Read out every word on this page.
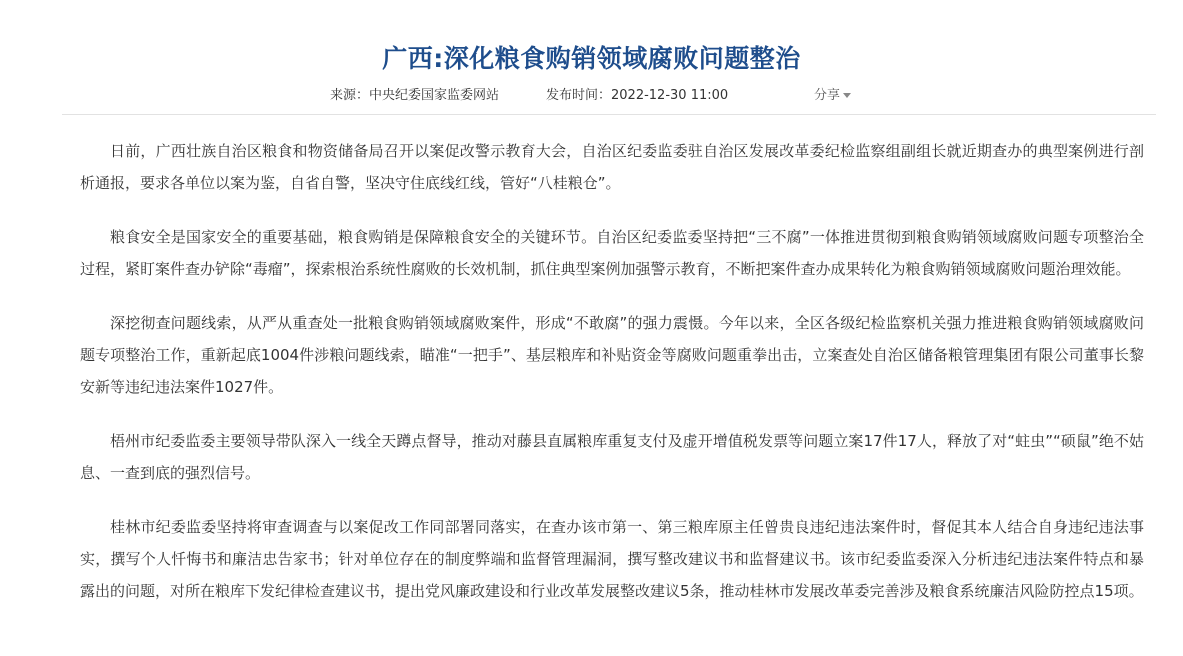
广西:深化粮食购销领域腐败问题整治
来源：中央纪委国家监委网站	发布时间：2022-12-30 11:00	分享

日前，广西壮族自治区粮食和物资储备局召开以案促改警示教育大会，自治区纪委监委驻自治区发展改革委纪检监察组副组长就近期查办的典型案例进行剖析通报，要求各单位以案为鉴，自省自警，坚决守住底线红线，管好“八桂粮仓”。

粮食安全是国家安全的重要基础，粮食购销是保障粮食安全的关键环节。自治区纪委监委坚持把“三不腐”一体推进贯彻到粮食购销领域腐败问题专项整治全过程，紧盯案件查办铲除“毒瘤”，探索根治系统性腐败的长效机制，抓住典型案例加强警示教育，不断把案件查办成果转化为粮食购销领域腐败问题治理效能。

深挖彻查问题线索，从严从重查处一批粮食购销领域腐败案件，形成“不敢腐”的强力震慑。今年以来，全区各级纪检监察机关强力推进粮食购销领域腐败问题专项整治工作，重新起底1004件涉粮问题线索，瞄准“一把手”、基层粮库和补贴资金等腐败问题重拳出击，立案查处自治区储备粮管理集团有限公司董事长黎安新等违纪违法案件1027件。

梧州市纪委监委主要领导带队深入一线全天蹲点督导，推动对藤县直属粮库重复支付及虚开增值税发票等问题立案17件17人，释放了对“蛀虫”“硕鼠”绝不姑息、一查到底的强烈信号。

桂林市纪委监委坚持将审查调查与以案促改工作同部署同落实，在查办该市第一、第三粮库原主任曾贵良违纪违法案件时，督促其本人结合自身违纪违法事实，撰写个人忏悔书和廉洁忠告家书；针对单位存在的制度弊端和监督管理漏洞，撰写整改建议书和监督建议书。该市纪委监委深入分析违纪违法案件特点和暴露出的问题，对所在粮库下发纪律检查建议书，提出党风廉政建设和行业改革发展整改建议5条，推动桂林市发展改革委完善涉及粮食系统廉洁风险防控点15项。
